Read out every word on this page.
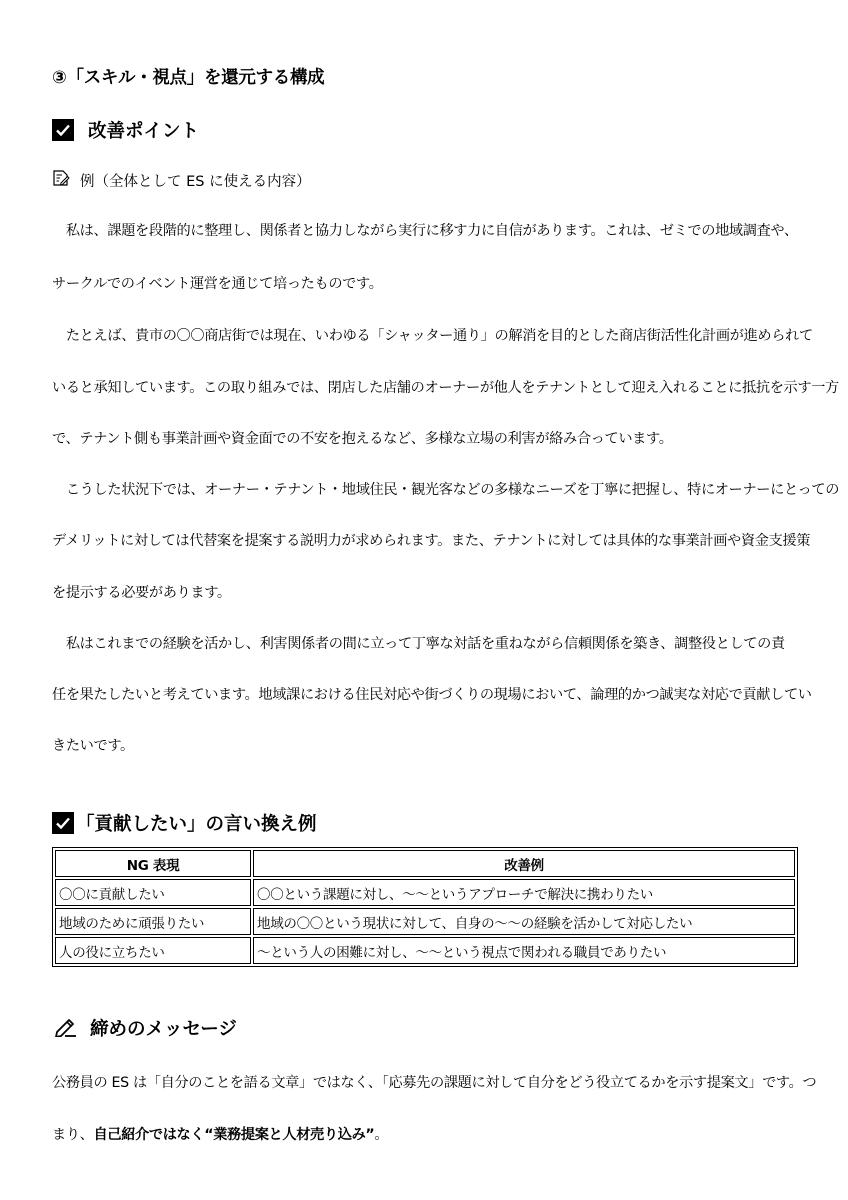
③「スキル・視点」を還元する構成
改善ポイント
例（全体として ES に使える内容）
　私は、課題を段階的に整理し、関係者と協力しながら実行に移す力に自信があります。これは、ゼミでの地域調査や、
サークルでのイベント運営を通じて培ったものです。
　たとえば、貴市の〇〇商店街では現在、いわゆる「シャッター通り」の解消を目的とした商店街活性化計画が進められて
いると承知しています。この取り組みでは、閉店した店舗のオーナーが他人をテナントとして迎え入れることに抵抗を示す一方
で、テナント側も事業計画や資金面での不安を抱えるなど、多様な立場の利害が絡み合っています。
　こうした状況下では、オーナー・テナント・地域住民・観光客などの多様なニーズを丁寧に把握し、特にオーナーにとっての
デメリットに対しては代替案を提案する説明力が求められます。また、テナントに対しては具体的な事業計画や資金支援策
を提示する必要があります。
　私はこれまでの経験を活かし、利害関係者の間に立って丁寧な対話を重ねながら信頼関係を築き、調整役としての責
任を果たしたいと考えています。地域課における住民対応や街づくりの現場において、論理的かつ誠実な対応で貢献してい
きたいです。
「貢献したい」の言い換え例
NG 表現	改善例
〇〇に貢献したい	〇〇という課題に対し、〜〜というアプローチで解決に携わりたい
地域のために頑張りたい	地域の〇〇という現状に対して、自身の〜〜の経験を活かして対応したい
人の役に立ちたい	〜という人の困難に対し、〜〜という視点で関われる職員でありたい
締めのメッセージ
公務員の ES は「自分のことを語る文章」ではなく、「応募先の課題に対して自分をどう役立てるかを示す提案文」です。つ
まり、自己紹介ではなく“業務提案と人材売り込み”。
